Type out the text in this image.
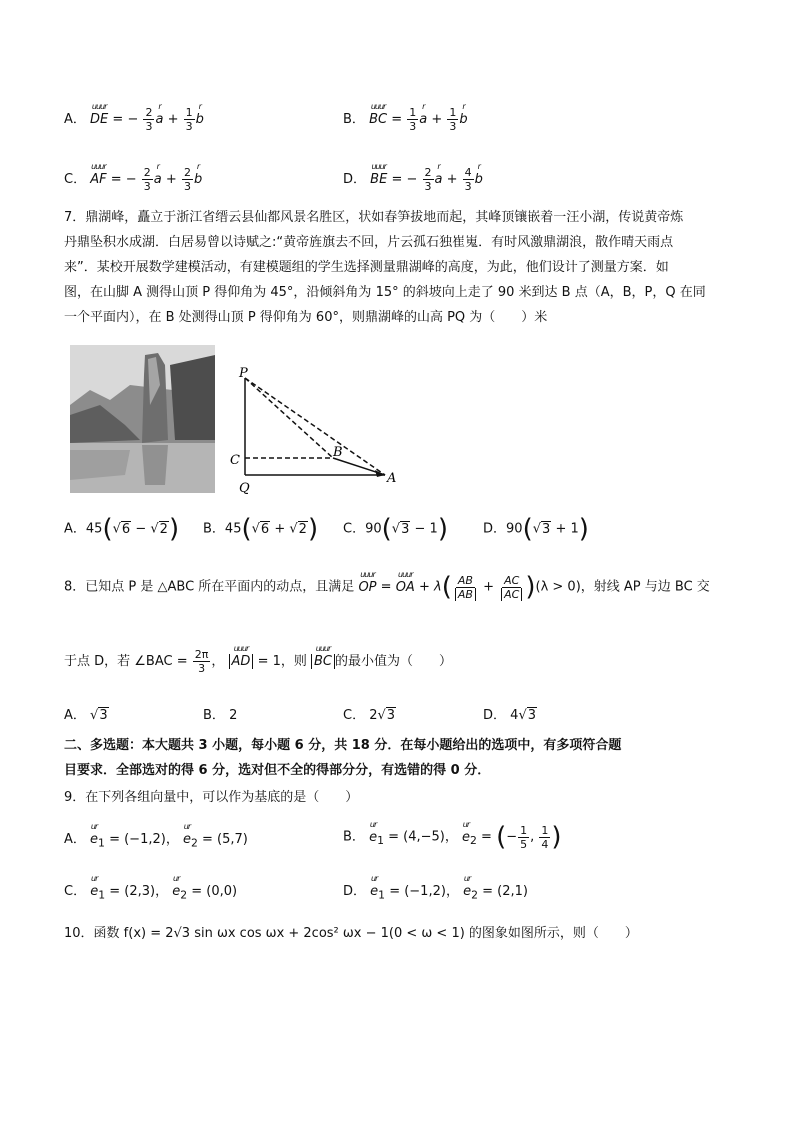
A．
uuur
DE = − $\frac{2}{3}$ r
$a + \frac{1}{3}$ r
b	B．
uuur
BC = $\frac{1}{3}$ r
$a + \frac{1}{3}$ r
b
C．
uuur
AF = − $\frac{2}{3}$ r
$a + \frac{2}{3}$ r
b	D．
uuur
BE = − $\frac{2}{3}$ r
$a + \frac{4}{3}$ r
b
7．鼎湖峰，矗立于浙江省缙云县仙都风景名胜区，状如春笋拔地而起，其峰顶镶嵌着一汪小湖，传说黄帝炼
丹鼎坠积水成湖．白居易曾以诗赋之:“黄帝旌旗去不回，片云孤石独崔嵬．有时风激鼎湖浪，散作晴天雨点
来”．某校开展数学建模活动，有建模题组的学生选择测量鼎湖峰的高度，为此，他们设计了测量方案．如
图，在山脚 A 测得山顶 P 得仰角为 45°，沿倾斜角为 15° 的斜坡向上走了 90 米到达 B 点（A，B，P，Q 在同
一个平面内），在 B 处测得山顶 P 得仰角为 60°，则鼎湖峰的山高 PQ 为（　　）米
P
B
C
A
Q
A．45(√6 − √2) B．45(√6 + √2) C．90(√3 − 1)	D．90(√3 + 1)
8．已知点 P 是 △ABC 所在平面内的动点，且满足
uuur
OP =
uuur
OA + $\lambda( \frac{AB}{AB} + \frac{AC}{AC} )(\lambda > 0)$，射线 AP 与边 BC 交
于点 D，若 ∠BAC = $\frac{2\pi}{3}$ ，
uuur
AD = 1，则
uuur
BC 的最小值为（　　）
A． √3	B． 2	C． 2√3	D． 4√3
二、多选题：本大题共 3 小题，每小题 6 分，共 18 分．在每小题给出的选项中，有多项符合题
目要求．全部选对的得 6 分，选对但不全的得部分分，有选错的得 0 分．
9．在下列各组向量中，可以作为基底的是（　　）
A．
ur
$e_1 = (-1,2)$，
ur
$e_2 = (5,7)$	B．
ur
$e_1 = (4,-5)$，
ur
$e_2$ = (− $\frac{1}{5}$ , $\frac{1}{4}$ )
C．
ur
$e_1 = (2,3)$，
ur
$e_2 = (0,0)$	D．
ur
$e_1 = (-1,2)$，
ur
$e_2 = (2,1)$
10．函数 f(x) = 2√3 sin ωx cos ωx + 2cos² ωx − 1(0 < ω < 1) 的图象如图所示，则（　　）
